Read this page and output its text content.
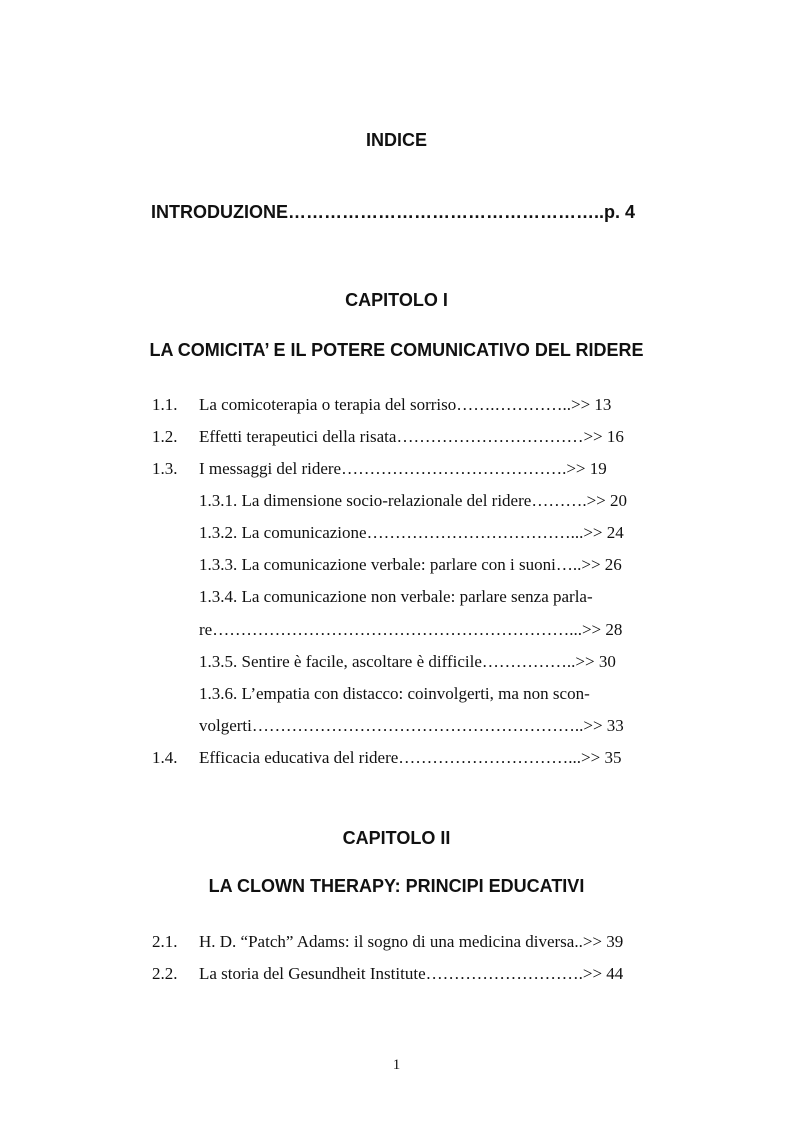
INDICE
INTRODUZIONE……………………………………………..p. 4
CAPITOLO I
LA COMICITA’ E IL POTERE COMUNICATIVO DEL RIDERE
1.1. La comicoterapia o terapia del sorriso…….…………..>> 13
1.2. Effetti terapeutici della risata……………………………>> 16
1.3. I messaggi del ridere………………………………….>> 19
1.3.1. La dimensione socio-relazionale del ridere……….>> 20
1.3.2. La comunicazione………………………………...>> 24
1.3.3. La comunicazione verbale: parlare con i suoni…..>> 26
1.3.4. La comunicazione non verbale: parlare senza parla-
re………………………………………………………...>> 28
1.3.5. Sentire è facile, ascoltare è difficile……………..>> 30
1.3.6. L’empatia con distacco: coinvolgerti, ma non scon-
volgerti…………………………………………………..>> 33
1.4. Efficacia educativa del ridere…………………………...>> 35
CAPITOLO II
LA CLOWN THERAPY: PRINCIPI EDUCATIVI
2.1. H. D. “Patch” Adams: il sogno di una medicina diversa..>> 39
2.2. La storia del Gesundheit Institute……………………….>> 44
1
